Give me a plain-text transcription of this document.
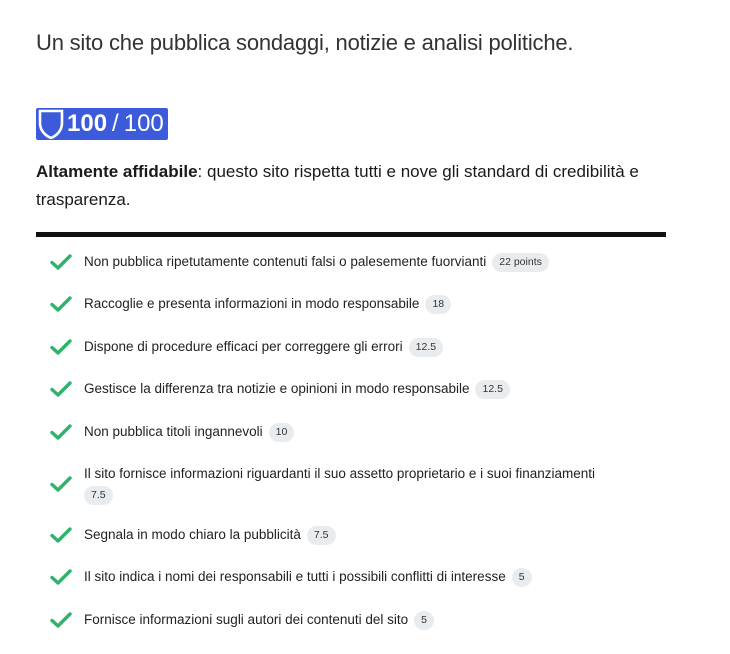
Un sito che pubblica sondaggi, notizie e analisi politiche.

100 / 100

Altamente affidabile: questo sito rispetta tutti e nove gli standard di credibilità e trasparenza.

Non pubblica ripetutamente contenuti falsi o palesemente fuorvianti 22 points
Raccoglie e presenta informazioni in modo responsabile 18
Dispone di procedure efficaci per correggere gli errori 12.5
Gestisce la differenza tra notizie e opinioni in modo responsabile 12.5
Non pubblica titoli ingannevoli 10
Il sito fornisce informazioni riguardanti il suo assetto proprietario e i suoi finanziamenti
7.5
Segnala in modo chiaro la pubblicità 7.5
Il sito indica i nomi dei responsabili e tutti i possibili conflitti di interesse 5
Fornisce informazioni sugli autori dei contenuti del sito 5
